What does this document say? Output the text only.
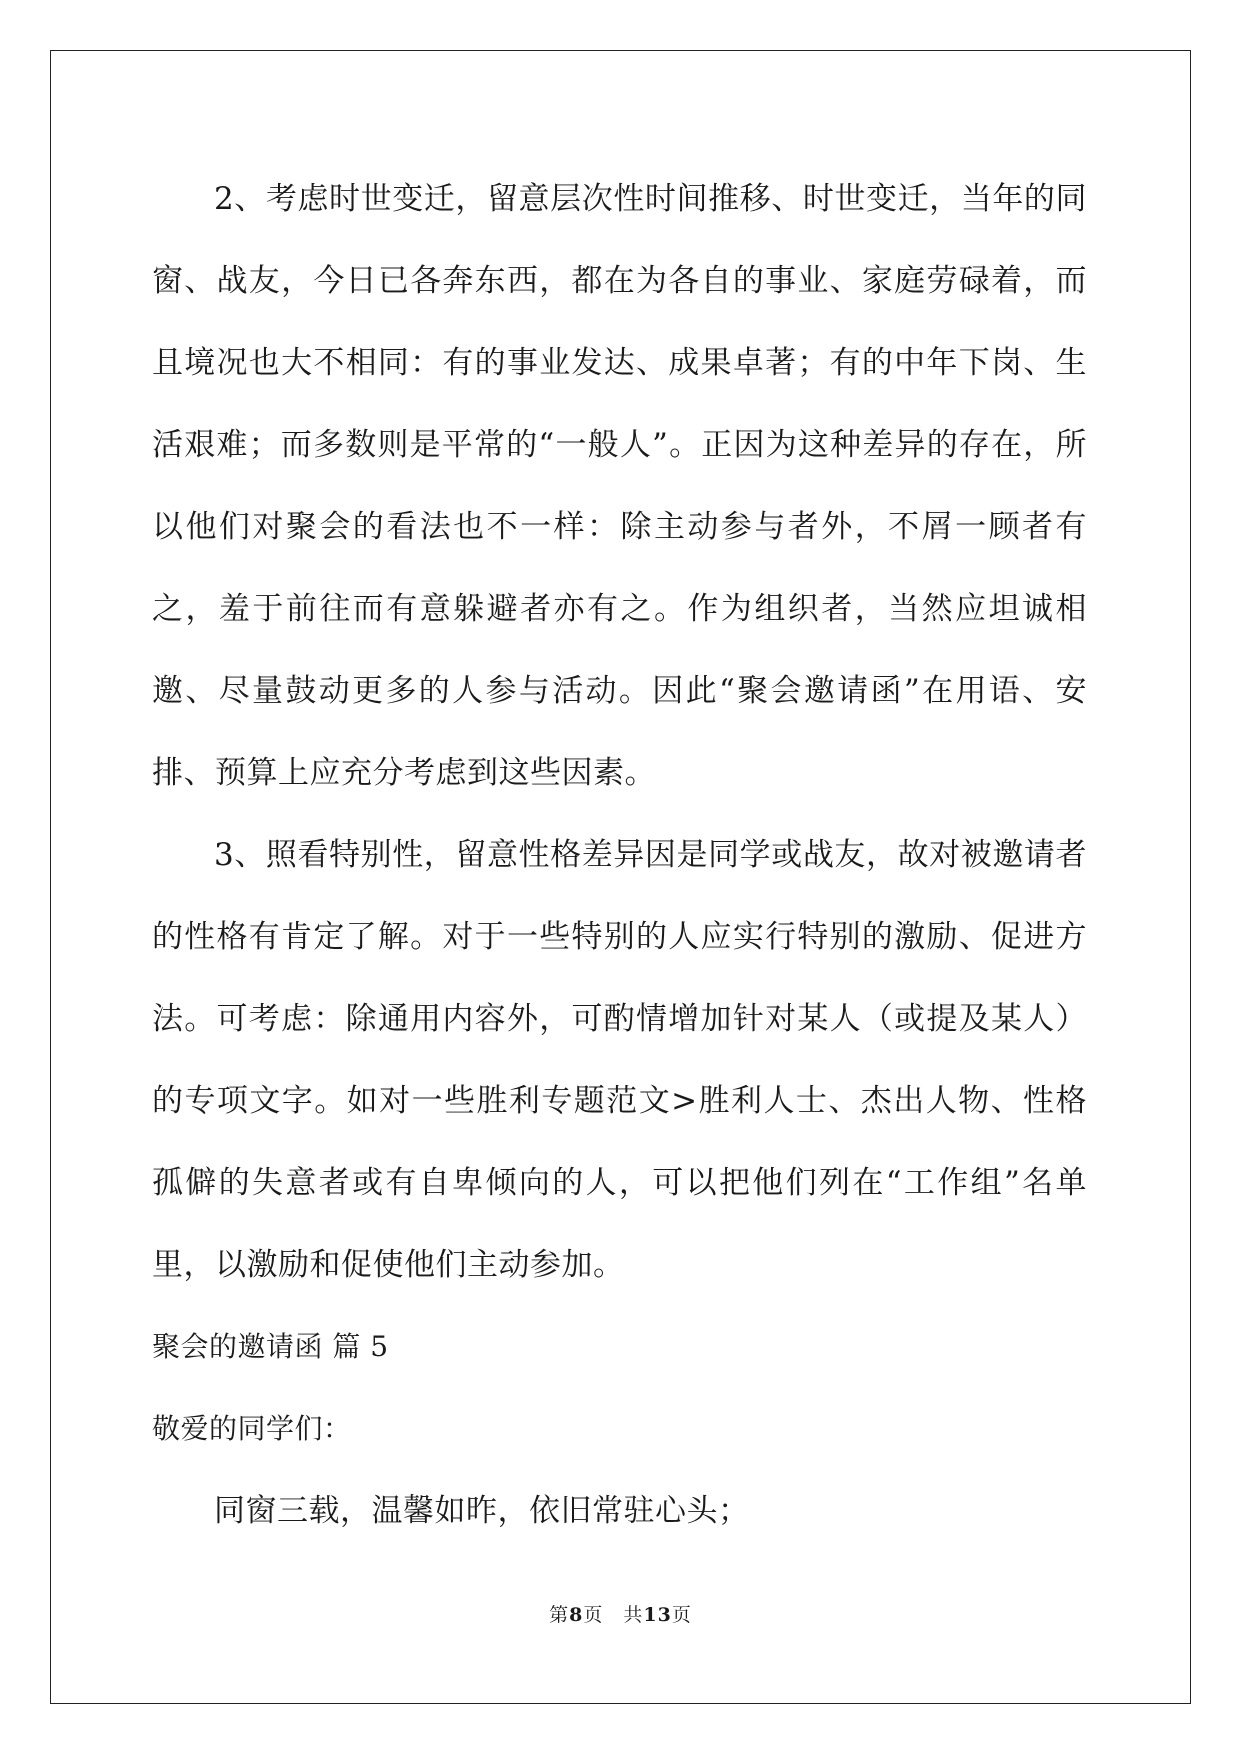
2、考虑时世变迁，留意层次性时间推移、时世变迁，当年的同窗、战友，今日已各奔东西，都在为各自的事业、家庭劳碌着，而且境况也大不相同：有的事业发达、成果卓著；有的中年下岗、生活艰难；而多数则是平常的“一般人”。正因为这种差异的存在，所以他们对聚会的看法也不一样：除主动参与者外，不屑一顾者有之，羞于前往而有意躲避者亦有之。作为组织者，当然应坦诚相邀、尽量鼓动更多的人参与活动。因此“聚会邀请函”在用语、安排、预算上应充分考虑到这些因素。

3、照看特别性，留意性格差异因是同学或战友，故对被邀请者的性格有肯定了解。对于一些特别的人应实行特别的激励、促进方法。可考虑：除通用内容外，可酌情增加针对某人（或提及某人）的专项文字。如对一些胜利专题范文>胜利人士、杰出人物、性格孤僻的失意者或有自卑倾向的人，可以把他们列在“工作组”名单里，以激励和促使他们主动参加。

聚会的邀请函 篇 5

敬爱的同学们：

同窗三载，温馨如昨，依旧常驻心头；

第8页　共13页
